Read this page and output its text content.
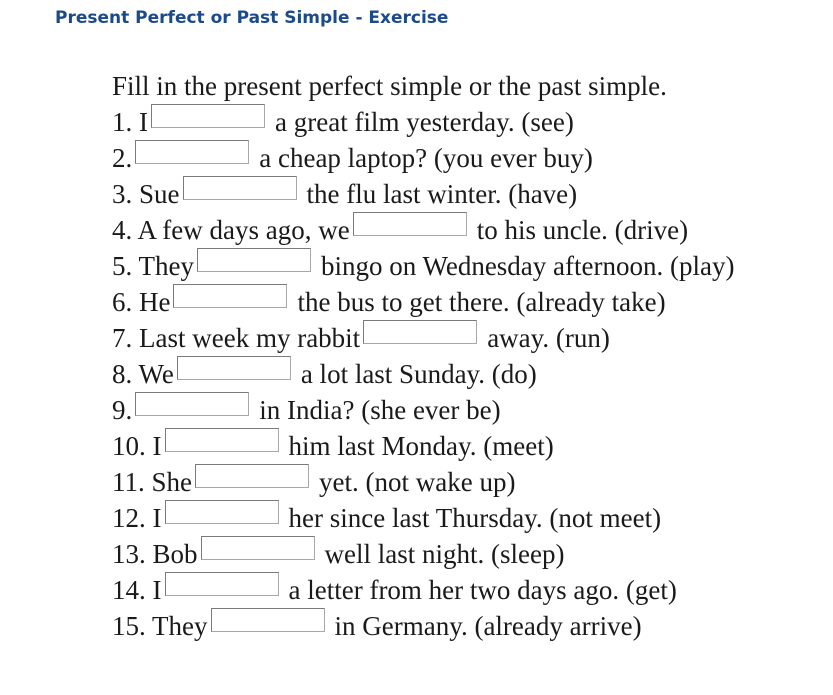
Present Perfect or Past Simple - Exercise
Fill in the present perfect simple or the past simple.
1. I	a great film yesterday. (see)
2.	a cheap laptop? (you ever buy)
3. Sue	the flu last winter. (have)
4. A few days ago, we	to his uncle. (drive)
5. They	bingo on Wednesday afternoon. (play)
6. He	the bus to get there. (already take)
7. Last week my rabbit	away. (run)
8. We	a lot last Sunday. (do)
9.	in India? (she ever be)
10. I	him last Monday. (meet)
11. She	yet. (not wake up)
12. I	her since last Thursday. (not meet)
13. Bob	well last night. (sleep)
14. I	a letter from her two days ago. (get)
15. They	in Germany. (already arrive)
